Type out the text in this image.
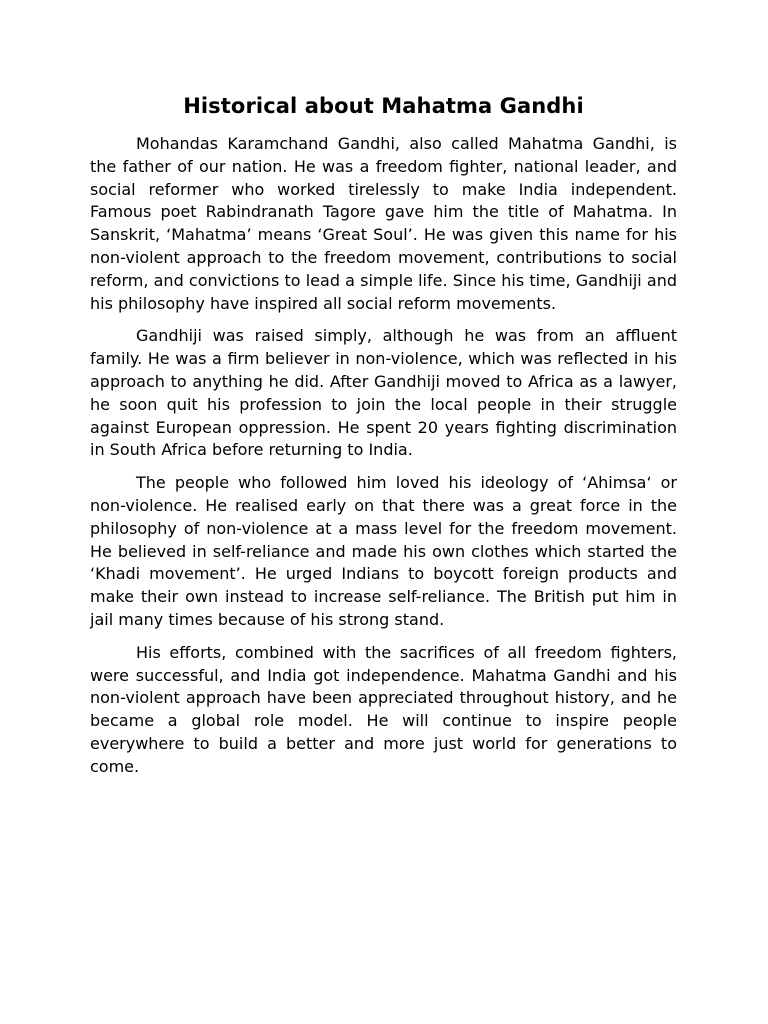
Historical about Mahatma Gandhi

Mohandas Karamchand Gandhi, also called Mahatma Gandhi, is the father of our nation. He was a freedom fighter, national leader, and social reformer who worked tirelessly to make India independent. Famous poet Rabindranath Tagore gave him the title of Mahatma. In Sanskrit, ‘Mahatma’ means ‘Great Soul’. He was given this name for his non-violent approach to the freedom movement, contributions to social reform, and convictions to lead a simple life. Since his time, Gandhiji and his philosophy have inspired all social reform movements.

Gandhiji was raised simply, although he was from an affluent family. He was a firm believer in non-violence, which was reflected in his approach to anything he did. After Gandhiji moved to Africa as a lawyer, he soon quit his profession to join the local people in their struggle against European oppression. He spent 20 years fighting discrimination in South Africa before returning to India.

The people who followed him loved his ideology of ‘Ahimsa‘ or non-violence. He realised early on that there was a great force in the philosophy of non-violence at a mass level for the freedom movement. He believed in self-reliance and made his own clothes which started the ‘Khadi movement’. He urged Indians to boycott foreign products and make their own instead to increase self-reliance. The British put him in jail many times because of his strong stand.

His efforts, combined with the sacrifices of all freedom fighters, were successful, and India got independence. Mahatma Gandhi and his non-violent approach have been appreciated throughout history, and he became a global role model. He will continue to inspire people everywhere to build a better and more just world for generations to come.
